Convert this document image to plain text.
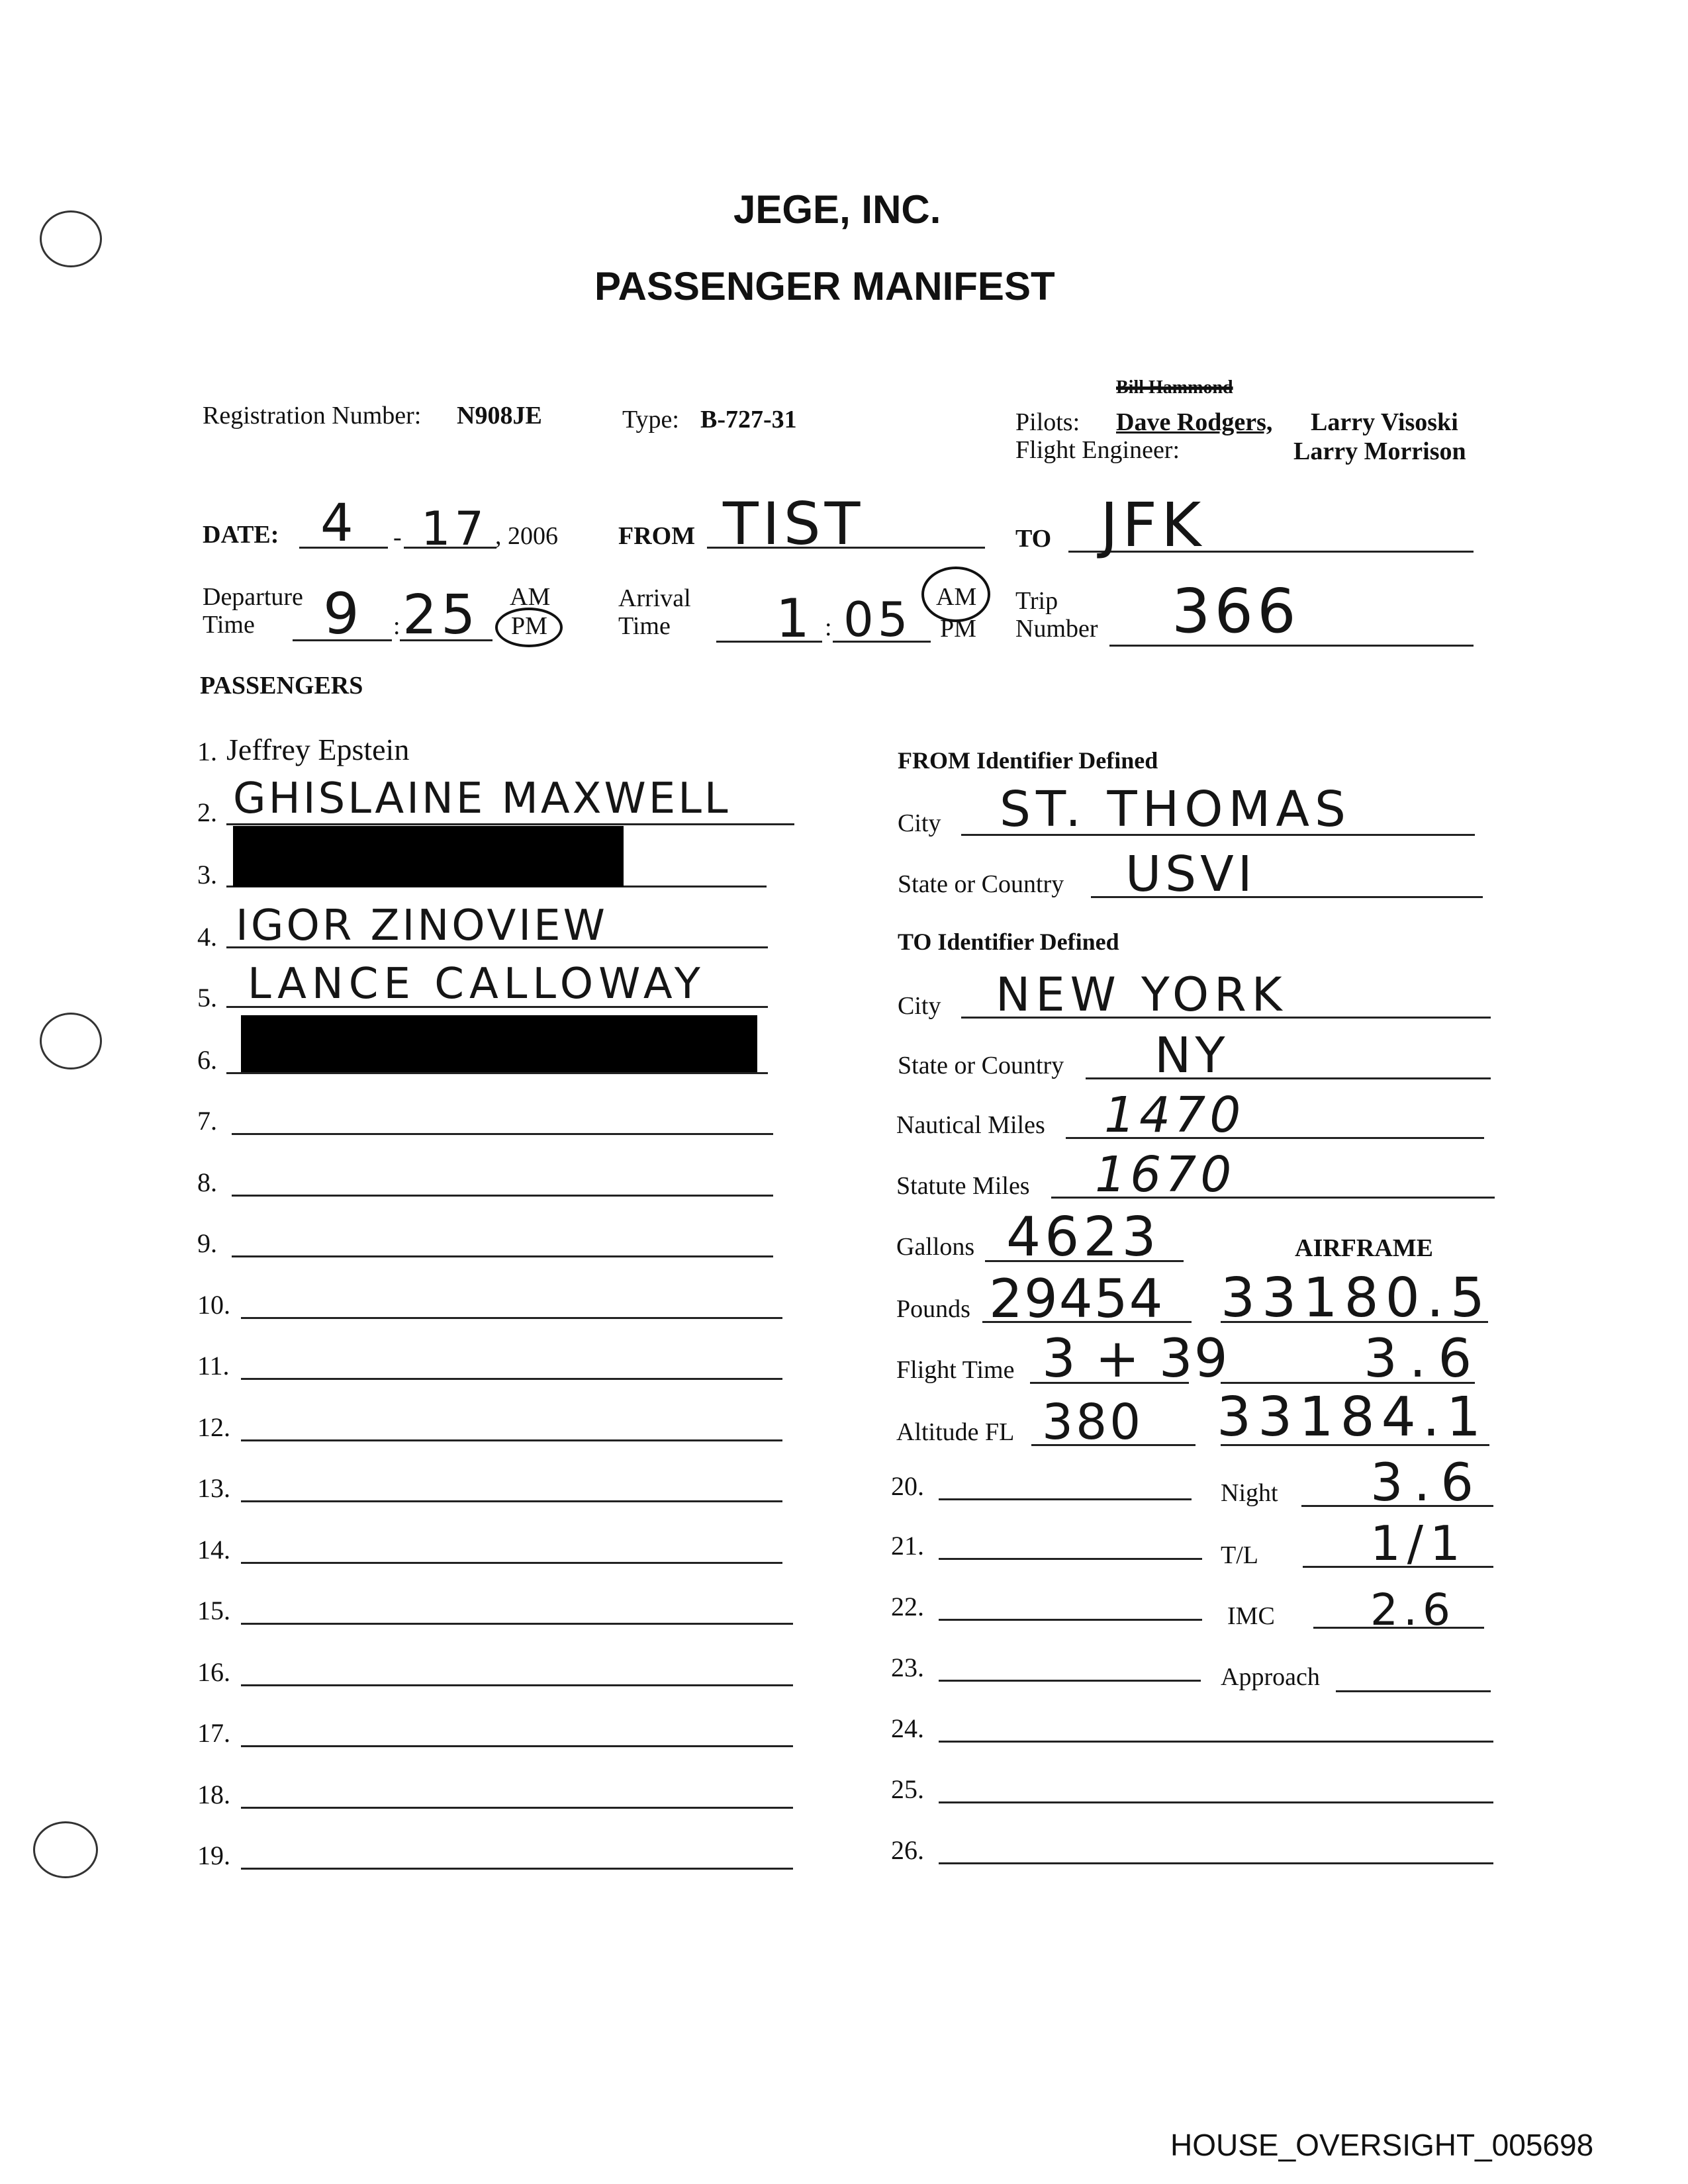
JEGE, INC.
PASSENGER MANIFEST
Registration Number: N908JE	Type: B-727-31
Bill Hammond
Pilots: Dave Rodgers, Larry Visoski
Flight Engineer:	Larry Morrison
DATE: 4 - 17 , 2006 FROM TIST	TO JFK
Departure
Time 9 : 25 AM
PM
Arrival
Time 1 : 05 AM
PM
Trip
Number 366
PASSENGERS
1. Jeffrey Epstein
2. GHISLAINE MAXWELL
3.
4. IGOR ZINOVIEW
5. LANCE CALLOWAY
6.
7.
8.
9.
10.
11.
12.
13.
14.
15.
16.
17.
18.
19.
20.
21.
22.
23.
24.
25.
26.
FROM Identifier Defined
City ST. THOMAS
State or Country USVI
TO Identifier Defined
City NEW YORK
State or Country NY
Nautical Miles 1470
Statute Miles 1670
Gallons 4623	AIRFRAME
Pounds 29454 33180.5
Flight Time 3 + 39	3.6
Altitude FL 380 33184.1
Night 3.6
T/L 1/1
IMC 2.6
Approach
HOUSE_OVERSIGHT_005698
